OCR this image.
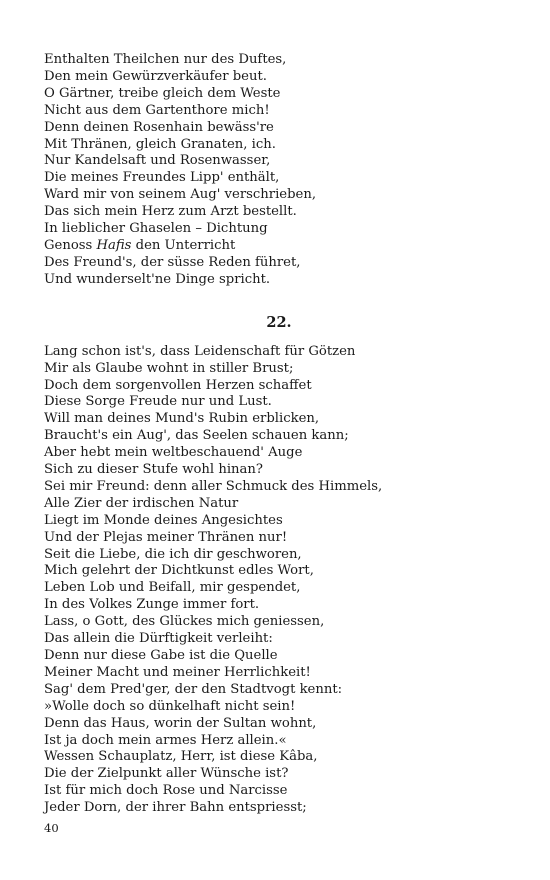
Enthalten Theilchen nur des Duftes,
Den mein Gewürzverkäufer beut.
O Gärtner, treibe gleich dem Weste
Nicht aus dem Gartenthore mich!
Denn deinen Rosenhain bewäss're
Mit Thränen, gleich Granaten, ich.
Nur Kandelsaft und Rosenwasser,
Die meines Freundes Lipp' enthält,
Ward mir von seinem Aug' verschrieben,
Das sich mein Herz zum Arzt bestellt.
In lieblicher Ghaselen – Dichtung
Genoss Hafis den Unterricht
Des Freund's, der süsse Reden führet,
Und wunderselt'ne Dinge spricht.
22.
Lang schon ist's, dass Leidenschaft für Götzen
Mir als Glaube wohnt in stiller Brust;
Doch dem sorgenvollen Herzen schaffet
Diese Sorge Freude nur und Lust.
Will man deines Mund's Rubin erblicken,
Braucht's ein Aug', das Seelen schauen kann;
Aber hebt mein weltbeschauend' Auge
Sich zu dieser Stufe wohl hinan?
Sei mir Freund: denn aller Schmuck des Himmels,
Alle Zier der irdischen Natur
Liegt im Monde deines Angesichtes
Und der Plejas meiner Thränen nur!
Seit die Liebe, die ich dir geschworen,
Mich gelehrt der Dichtkunst edles Wort,
Leben Lob und Beifall, mir gespendet,
In des Volkes Zunge immer fort.
Lass, o Gott, des Glückes mich geniessen,
Das allein die Dürftigkeit verleiht:
Denn nur diese Gabe ist die Quelle
Meiner Macht und meiner Herrlichkeit!
Sag' dem Pred'ger, der den Stadtvogt kennt:
»Wolle doch so dünkelhaft nicht sein!
Denn das Haus, worin der Sultan wohnt,
Ist ja doch mein armes Herz allein.«
Wessen Schauplatz, Herr, ist diese Kâba,
Die der Zielpunkt aller Wünsche ist?
Ist für mich doch Rose und Narcisse
Jeder Dorn, der ihrer Bahn entspriesst;
40
